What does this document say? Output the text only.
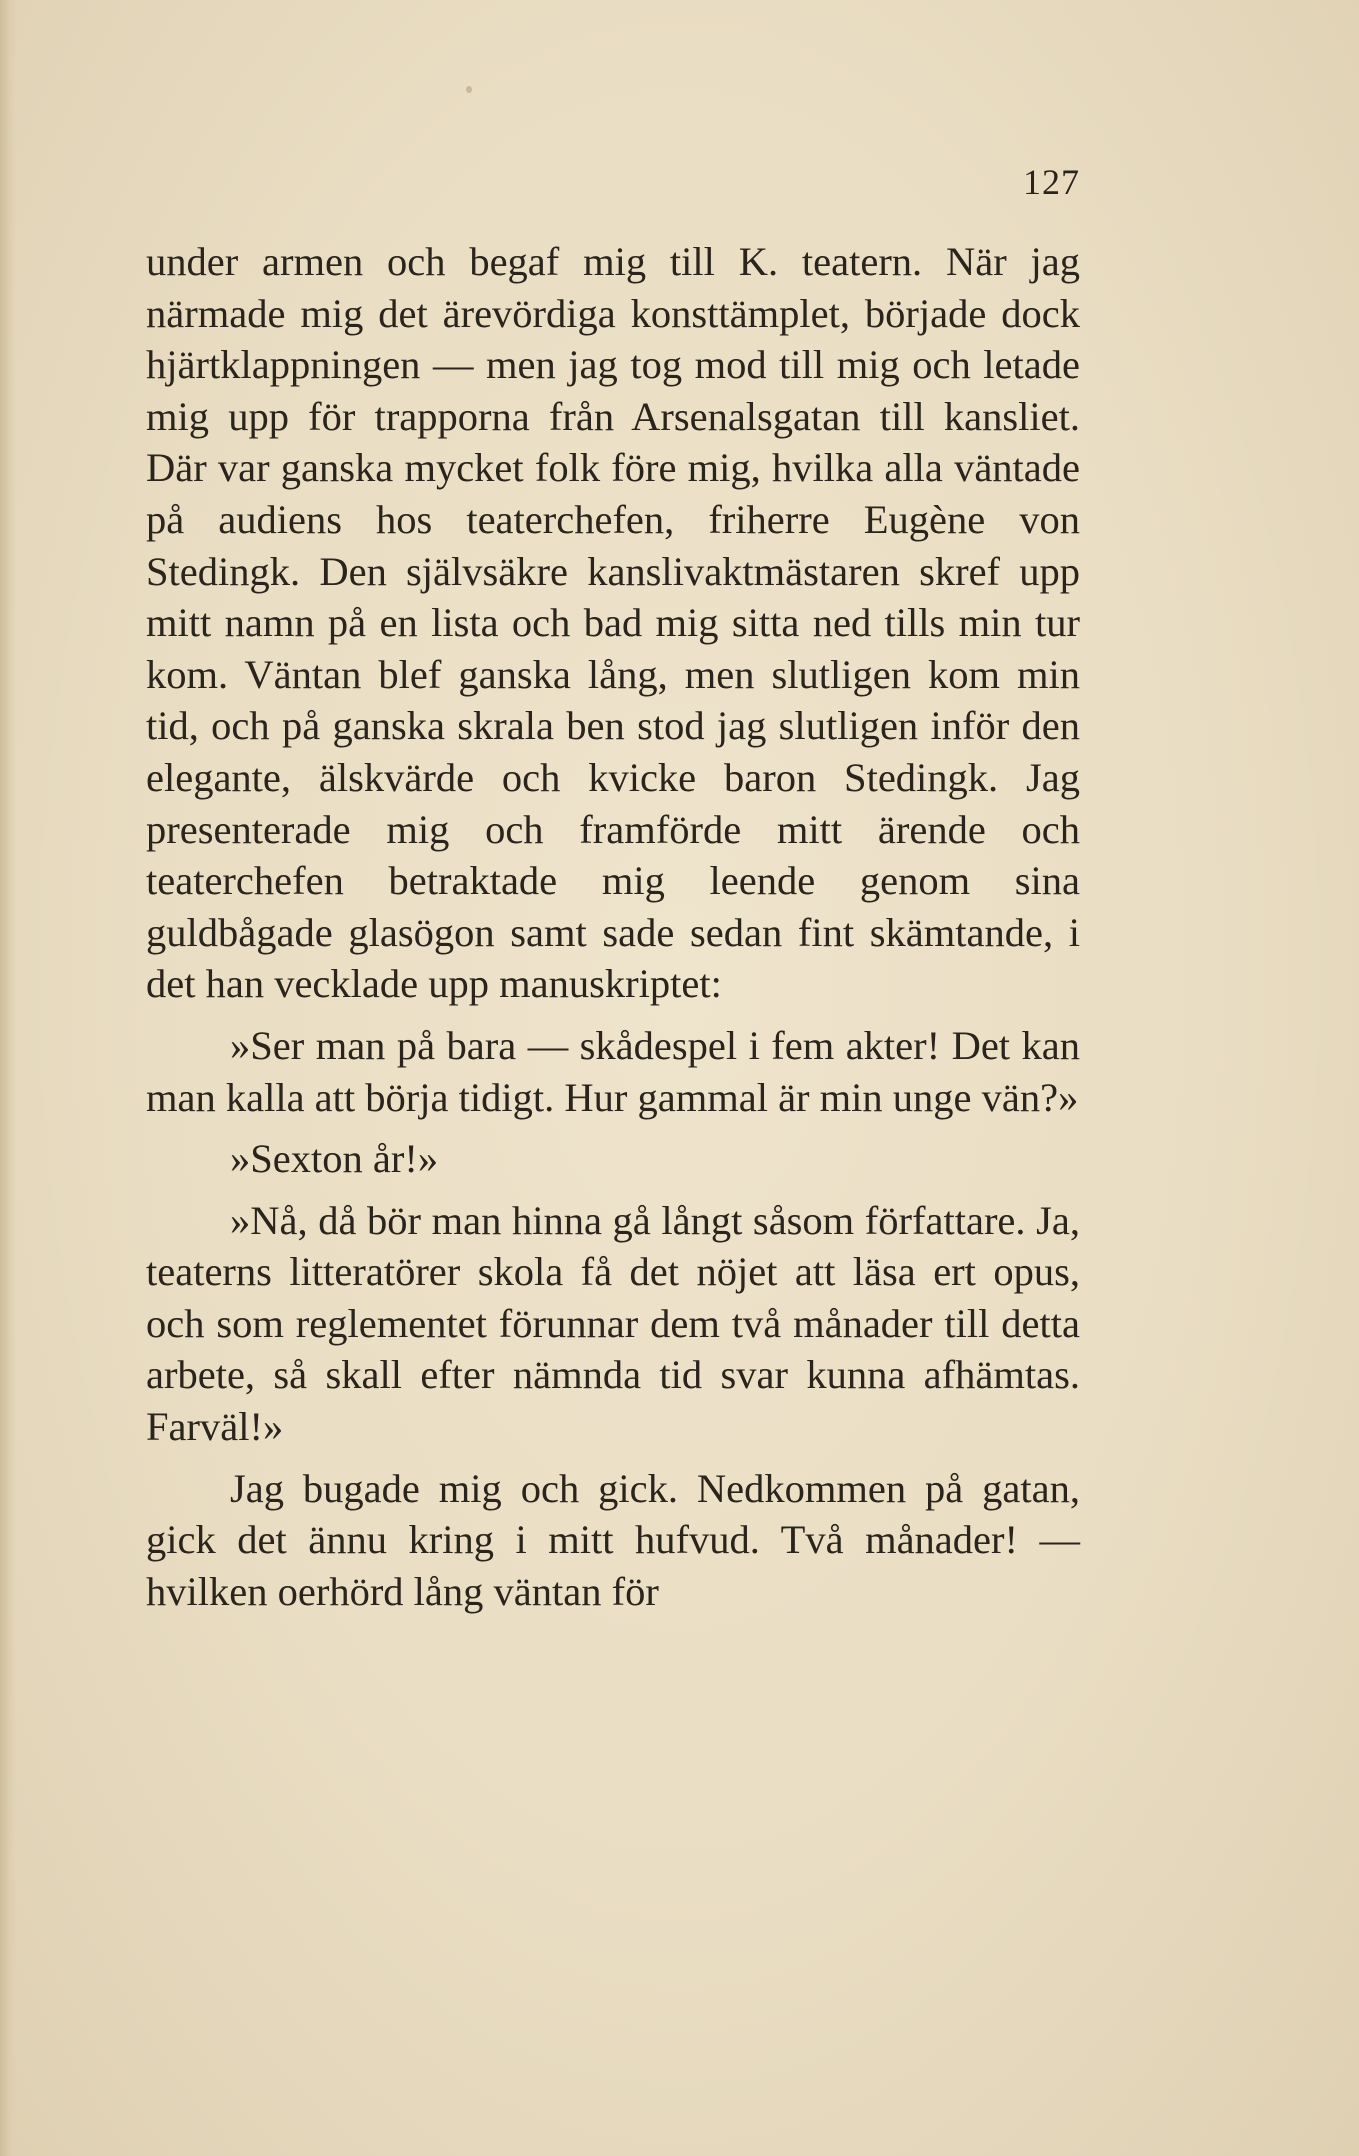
127

under armen och begaf mig till K. teatern. När jag närmade mig det ärevördiga konsttämplet, började dock hjärtklappningen — men jag tog mod till mig och letade mig upp för trapporna från Arsenalsgatan till kansliet. Där var ganska mycket folk före mig, hvilka alla väntade på audiens hos teaterchefen, friherre Eugène von Stedingk. Den självsäkre kanslivaktmästaren skref upp mitt namn på en lista och bad mig sitta ned tills min tur kom. Väntan blef ganska lång, men slutligen kom min tid, och på ganska skrala ben stod jag slutligen inför den elegante, älskvärde och kvicke baron Stedingk. Jag presenterade mig och framförde mitt ärende och teaterchefen betraktade mig leende genom sina guldbågade glasögon samt sade sedan fint skämtande, i det han vecklade upp manuskriptet:

»Ser man på bara — skådespel i fem akter! Det kan man kalla att börja tidigt. Hur gammal är min unge vän?»

»Sexton år!»

»Nå, då bör man hinna gå långt såsom författare. Ja, teaterns litteratörer skola få det nöjet att läsa ert opus, och som reglementet förunnar dem två månader till detta arbete, så skall efter nämnda tid svar kunna afhämtas. Farväl!»

Jag bugade mig och gick. Nedkommen på gatan, gick det ännu kring i mitt hufvud. Två månader! — hvilken oerhörd lång väntan för
